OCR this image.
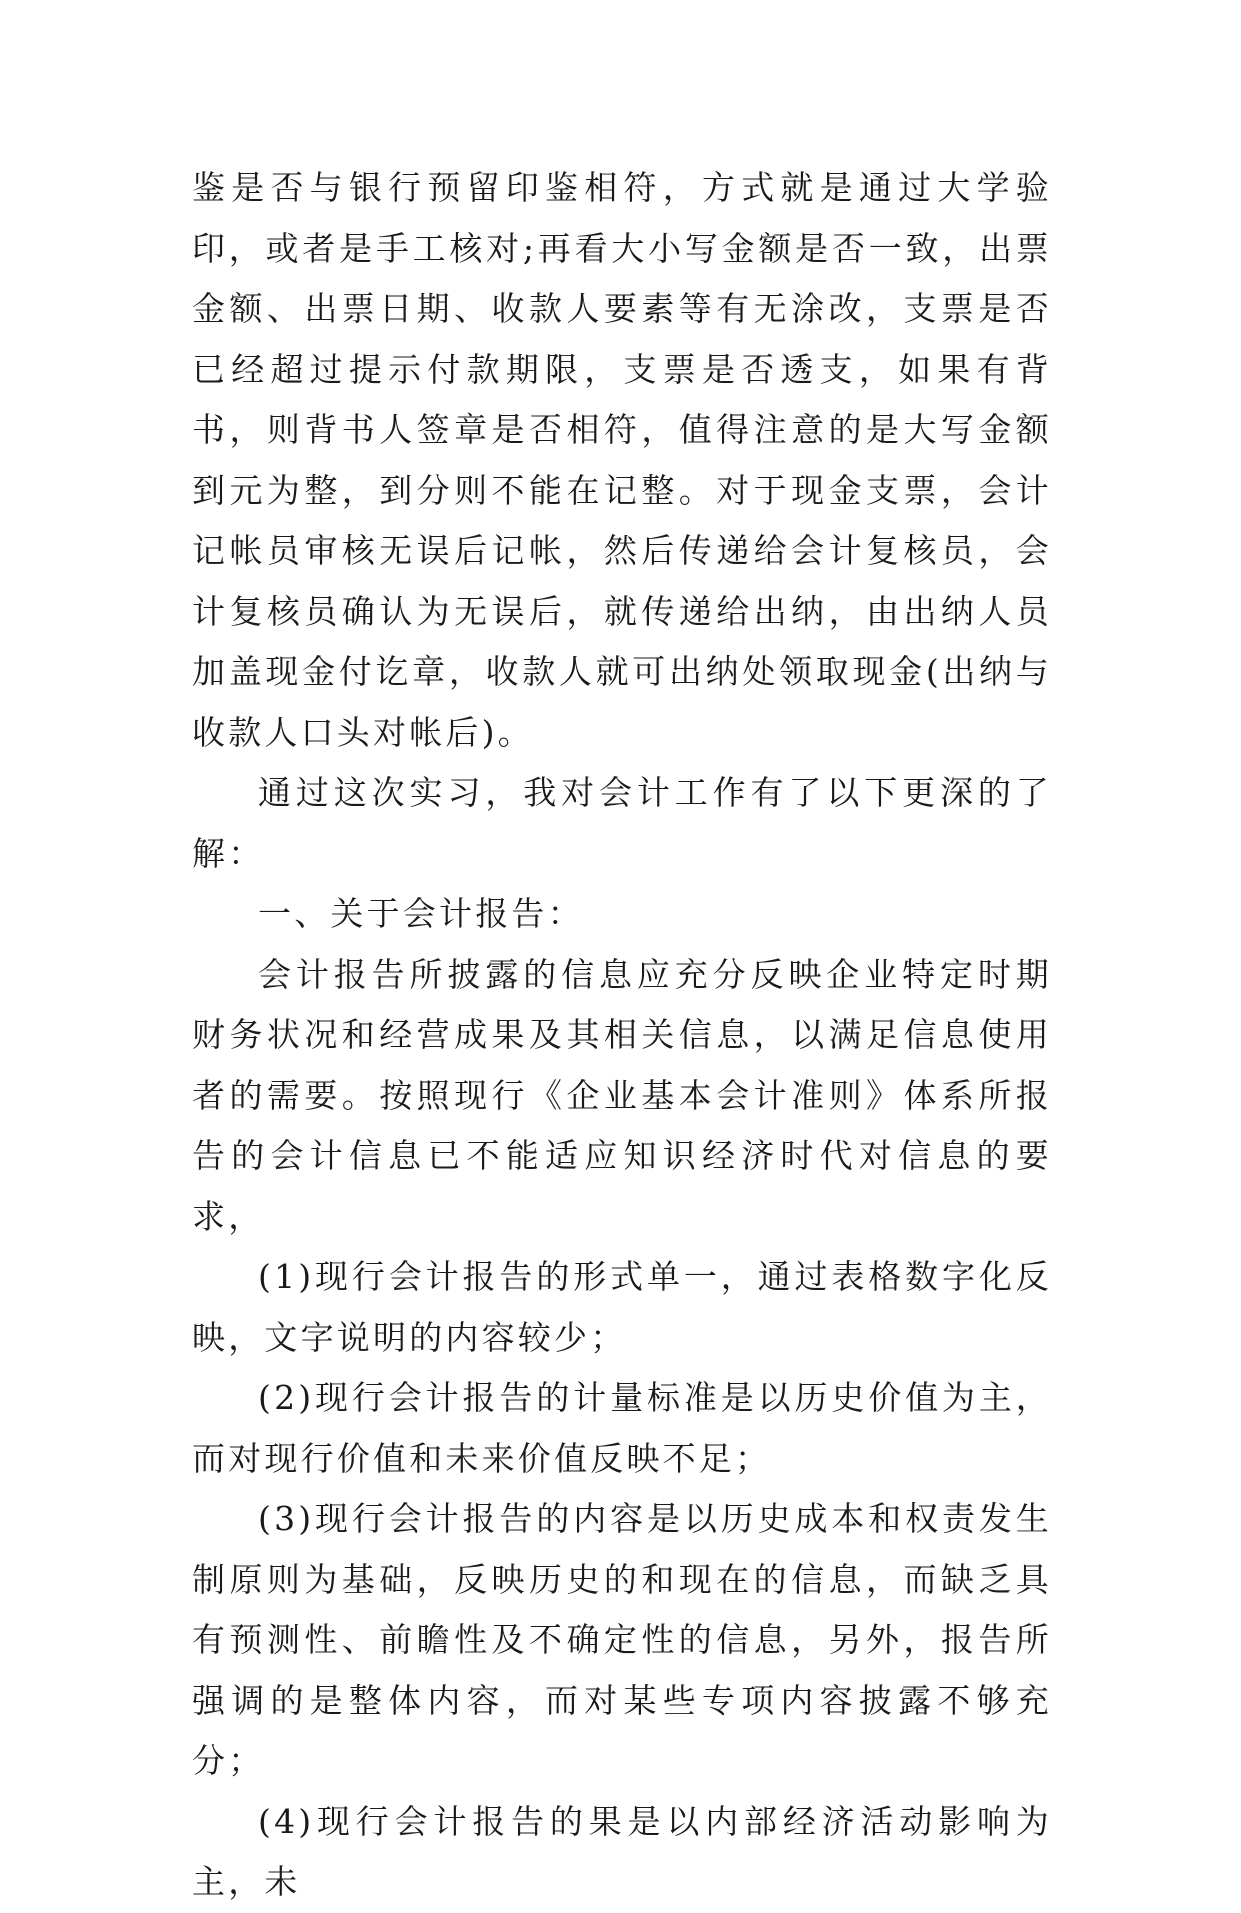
鉴是否与银行预留印鉴相符，方式就是通过大学验印，或者是手工核对;再看大小写金额是否一致，出票金额、出票日期、收款人要素等有无涂改，支票是否已经超过提示付款期限，支票是否透支，如果有背书，则背书人签章是否相符，值得注意的是大写金额到元为整，到分则不能在记整。对于现金支票，会计记帐员审核无误后记帐，然后传递给会计复核员，会计复核员确认为无误后，就传递给出纳，由出纳人员加盖现金付讫章，收款人就可出纳处领取现金(出纳与收款人口头对帐后)。

通过这次实习，我对会计工作有了以下更深的了解：

一、关于会计报告：

会计报告所披露的信息应充分反映企业特定时期财务状况和经营成果及其相关信息，以满足信息使用者的需要。按照现行《企业基本会计准则》体系所报告的会计信息已不能适应知识经济时代对信息的要求，

(1)现行会计报告的形式单一，通过表格数字化反映，文字说明的内容较少；

(2)现行会计报告的计量标准是以历史价值为主，而对现行价值和未来价值反映不足；

(3)现行会计报告的内容是以历史成本和权责发生制原则为基础，反映历史的和现在的信息，而缺乏具有预测性、前瞻性及不确定性的信息，另外，报告所强调的是整体内容，而对某些专项内容披露不够充分；

(4)现行会计报告的果是以内部经济活动影响为主，未
